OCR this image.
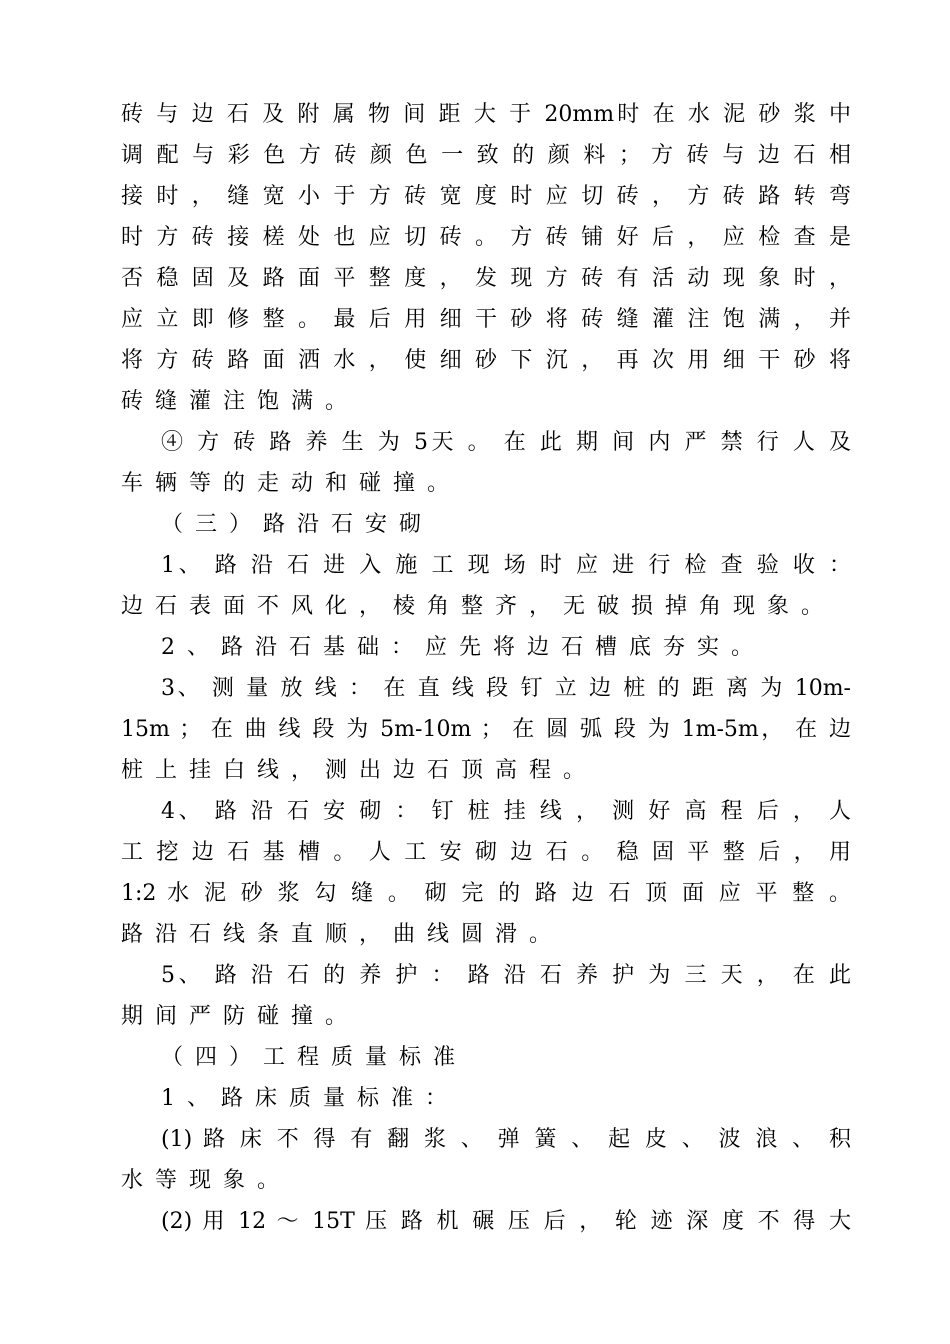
砖 与 边 石 及 附 属 物 间 距 大 于 20mm时 在 水 泥 砂 浆 中
调 配 与 彩 色 方 砖 颜 色 一 致 的 颜 料 ； 方 砖 与 边 石 相
接 时 ， 缝 宽 小 于 方 砖 宽 度 时 应 切 砖 ， 方 砖 路 转 弯
时 方 砖 接 槎 处 也 应 切 砖 。 方 砖 铺 好 后 ， 应 检 查 是
否 稳 固 及 路 面 平 整 度 ， 发 现 方 砖 有 活 动 现 象 时 ，
应 立 即 修 整 。 最 后 用 细 干 砂 将 砖 缝 灌 注 饱 满 ， 并
将 方 砖 路 面 洒 水 ， 使 细 砂 下 沉 ， 再 次 用 细 干 砂 将
砖缝灌注饱满。
④ 方 砖 路 养 生 为 5天 。 在 此 期 间 内 严 禁 行 人 及
车辆等的走动和碰撞。
（三）路沿石安砌
1、 路 沿 石 进 入 施 工 现 场 时 应 进 行 检 查 验 收 ：
边石表面不风化，棱角整齐，无破损掉角现象。
2、路沿石基础：应先将边石槽底夯实。
3、 测 量 放 线 ： 在 直 线 段 钉 立 边 桩 的 距 离 为 10m-
15m ； 在 曲 线 段 为 5m-10m ； 在 圆 弧 段 为 1m-5m， 在 边
桩上挂白线，测出边石顶高程。
4、 路 沿 石 安 砌 ： 钉 桩 挂 线 ， 测 好 高 程 后 ， 人
工 挖 边 石 基 槽 。 人 工 安 砌 边 石 。 稳 固 平 整 后 ， 用
1:2 水 泥 砂 浆 勾 缝 。 砌 完 的 路 边 石 顶 面 应 平 整 。
路沿石线条直顺，曲线圆滑。
5、 路 沿 石 的 养 护 ： 路 沿 石 养 护 为 三 天 ， 在 此
期间严防碰撞。
（四）工程质量标准
1、路床质量标准：
(1) 路 床 不 得 有 翻 浆 、 弹 簧 、 起 皮 、 波 浪 、 积
水等现象。
(2) 用 12 ～ 15T 压 路 机 碾 压 后 ， 轮 迹 深 度 不 得 大
